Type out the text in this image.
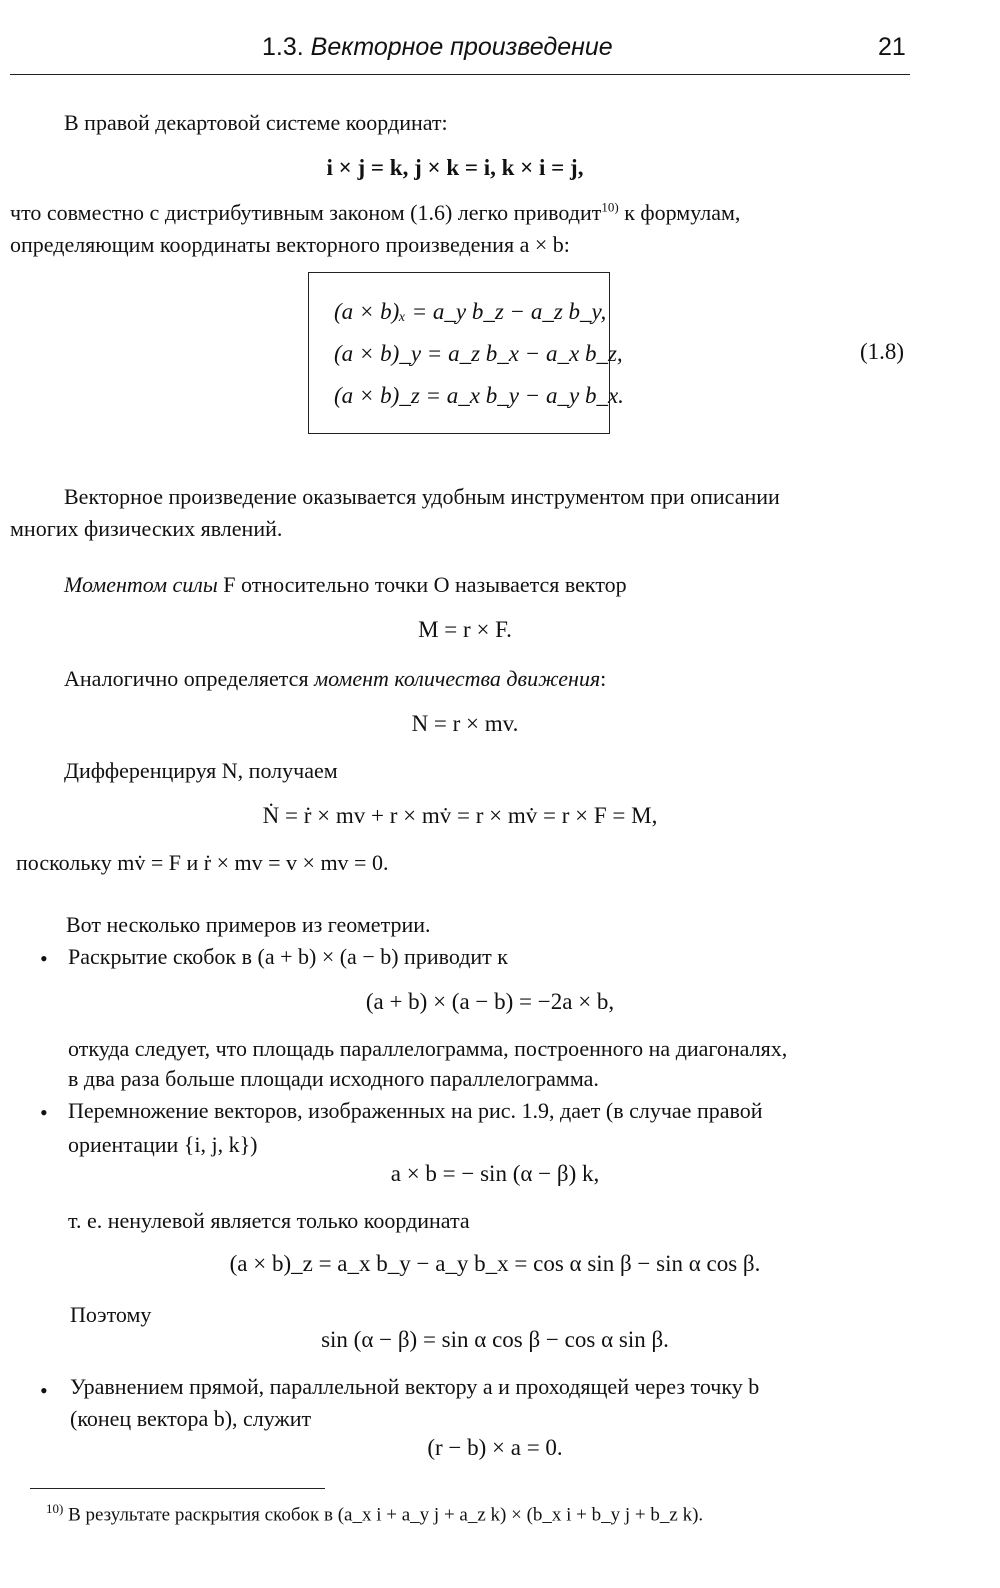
1.3. Векторное произведение	21
В правой декартовой системе координат:
i × j = k, j × k = i, k × i = j,
что совместно с дистрибутивным законом (1.6) легко приводит$^{10)}$ к формулам,
определяющим координаты векторного произведения a × b:
(a × b)ₓ = a_y b_z − a_z b_y,
(a × b)_y = a_z b_x − a_x b_z,
(a × b)_z = a_x b_y − a_y b_x.
(1.8)
Векторное произведение оказывается удобным инструментом при описании
многих физических явлений.
Моментом силы F относительно точки O называется вектор
M = r × F.
Аналогично определяется момент количества движения:
N = r × mv.
Дифференцируя N, получаем
Ṅ = ṙ × mv + r × mv̇ = r × mv̇ = r × F = M,
поскольку mv̇ = F и ṙ × mv = v × mv = 0.
Вот несколько примеров из геометрии.
• Раскрытие скобок в (a + b) × (a − b) приводит к
(a + b) × (a − b) = −2a × b,
откуда следует, что площадь параллелограмма, построенного на диагоналях,
в два раза больше площади исходного параллелограмма.
• Перемножение векторов, изображенных на рис. 1.9, дает (в случае правой
ориентации {i, j, k})
a × b = − sin (α − β) k,
т. е. ненулевой является только координата
(a × b)_z = a_x b_y − a_y b_x = cos α sin β − sin α cos β.
Поэтому
sin (α − β) = sin α cos β − cos α sin β.
• Уравнением прямой, параллельной вектору a и проходящей через точку b
(конец вектора b), служит
(r − b) × a = 0.
$^{10)}$ В результате раскрытия скобок в (a_x i + a_y j + a_z k) × (b_x i + b_y j + b_z k).
